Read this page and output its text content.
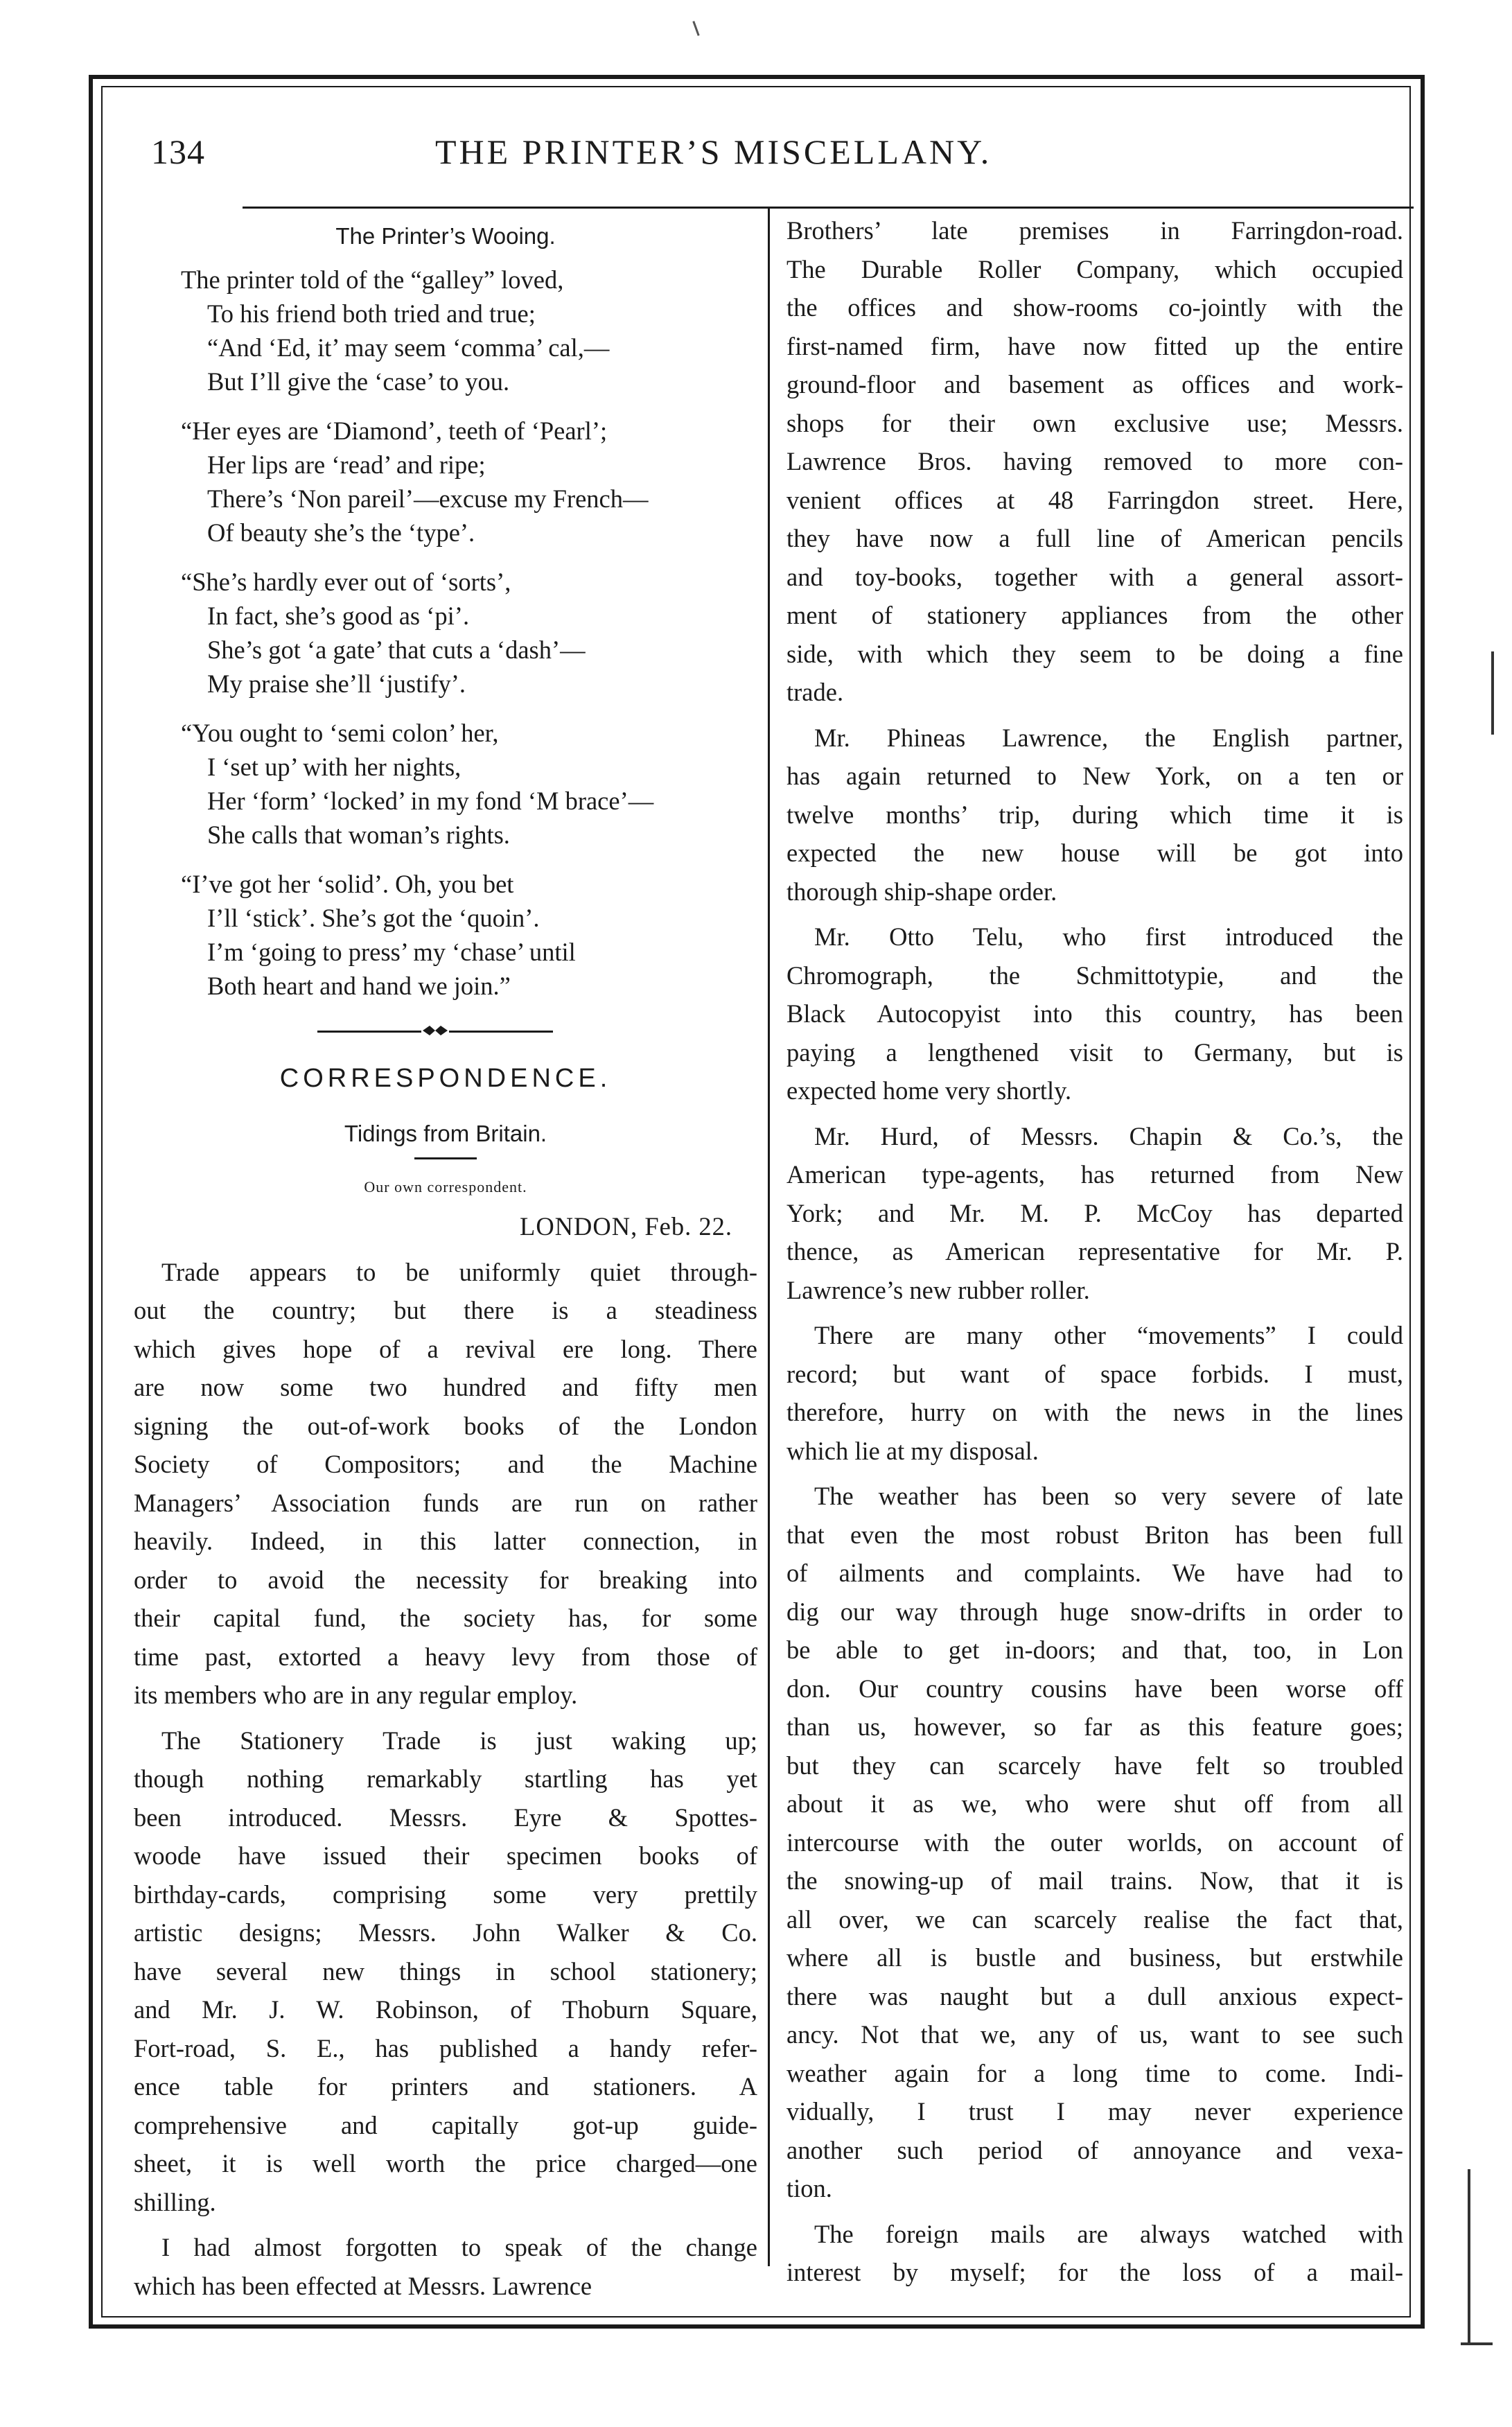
134	THE PRINTER’S MISCELLANY.
The Printer’s Wooing.

The printer told of the “galley” loved,

To his friend both tried and true;

“And ‘Ed, it’ may seem ‘comma’ cal,—

But I’ll give the ‘case’ to you.

“Her eyes are ‘Diamond’, teeth of ‘Pearl’;

Her lips are ‘read’ and ripe;

There’s ‘Non pareil’—excuse my French—

Of beauty she’s the ‘type’.

“She’s hardly ever out of ‘sorts’,

In fact, she’s good as ‘pi’.

She’s got ‘a gate’ that cuts a ‘dash’—

My praise she’ll ‘justify’.

“You ought to ‘semi colon’ her,

I ‘set up’ with her nights,

Her ‘form’ ‘locked’ in my fond ‘M brace’—

She calls that woman’s rights.

“I’ve got her ‘solid’. Oh, you bet

I’ll ‘stick’. She’s got the ‘quoin’.

I’m ‘going to press’ my ‘chase’ until

Both heart and hand we join.”

CORRESPONDENCE.
Tidings from Britain.
Our own correspondent.
LONDON, Feb. 22.
Trade appears to be uniformly quiet through-
out the country; but there is a steadiness
which gives hope of a revival ere long. There
are now some two hundred and fifty men
signing the out-of-work books of the London
Society of Compositors; and the Machine
Managers’ Association funds are run on rather
heavily. Indeed, in this latter connection, in
order to avoid the necessity for breaking into
their capital fund, the society has, for some
time past, extorted a heavy levy from those of
its members who are in any regular employ.
The Stationery Trade is just waking up;
though nothing remarkably startling has yet
been introduced. Messrs. Eyre & Spottes-
woode have issued their specimen books of
birthday-cards, comprising some very prettily
artistic designs; Messrs. John Walker & Co.
have several new things in school stationery;
and Mr. J. W. Robinson, of Thoburn Square,
Fort-road, S. E., has published a handy refer-
ence table for printers and stationers. A
comprehensive and capitally got-up guide-
sheet, it is well worth the price charged—one
shilling.
I had almost forgotten to speak of the change
which has been effected at Messrs. Lawrence
Brothers’ late premises in Farringdon-road.
The Durable Roller Company, which occupied
the offices and show-rooms co-jointly with the
first-named firm, have now fitted up the entire
ground-floor and basement as offices and work-
shops for their own exclusive use; Messrs.
Lawrence Bros. having removed to more con-
venient offices at 48 Farringdon street. Here,
they have now a full line of American pencils
and toy-books, together with a general assort-
ment of stationery appliances from the other
side, with which they seem to be doing a fine
trade.
Mr. Phineas Lawrence, the English partner,
has again returned to New York, on a ten or
twelve months’ trip, during which time it is
expected the new house will be got into
thorough ship-shape order.
Mr. Otto Telu, who first introduced the
Chromograph, the Schmittotypie, and the
Black Autocopyist into this country, has been
paying a lengthened visit to Germany, but is
expected home very shortly.
Mr. Hurd, of Messrs. Chapin & Co.’s, the
American type-agents, has returned from New
York; and Mr. M. P. McCoy has departed
thence, as American representative for Mr. P.
Lawrence’s new rubber roller.
There are many other “movements” I could
record; but want of space forbids. I must,
therefore, hurry on with the news in the lines
which lie at my disposal.
The weather has been so very severe of late
that even the most robust Briton has been full
of ailments and complaints. We have had to
dig our way through huge snow-drifts in order to
be able to get in-doors; and that, too, in Lon
don. Our country cousins have been worse off
than us, however, so far as this feature goes;
but they can scarcely have felt so troubled
about it as we, who were shut off from all
intercourse with the outer worlds, on account of
the snowing-up of mail trains. Now, that it is
all over, we can scarcely realise the fact that,
where all is bustle and business, but erstwhile
there was naught but a dull anxious expect-
ancy. Not that we, any of us, want to see such
weather again for a long time to come. Indi-
vidually, I trust I may never experience
another such period of annoyance and vexa-
tion.
The foreign mails are always watched with
interest by myself; for the loss of a mail-
